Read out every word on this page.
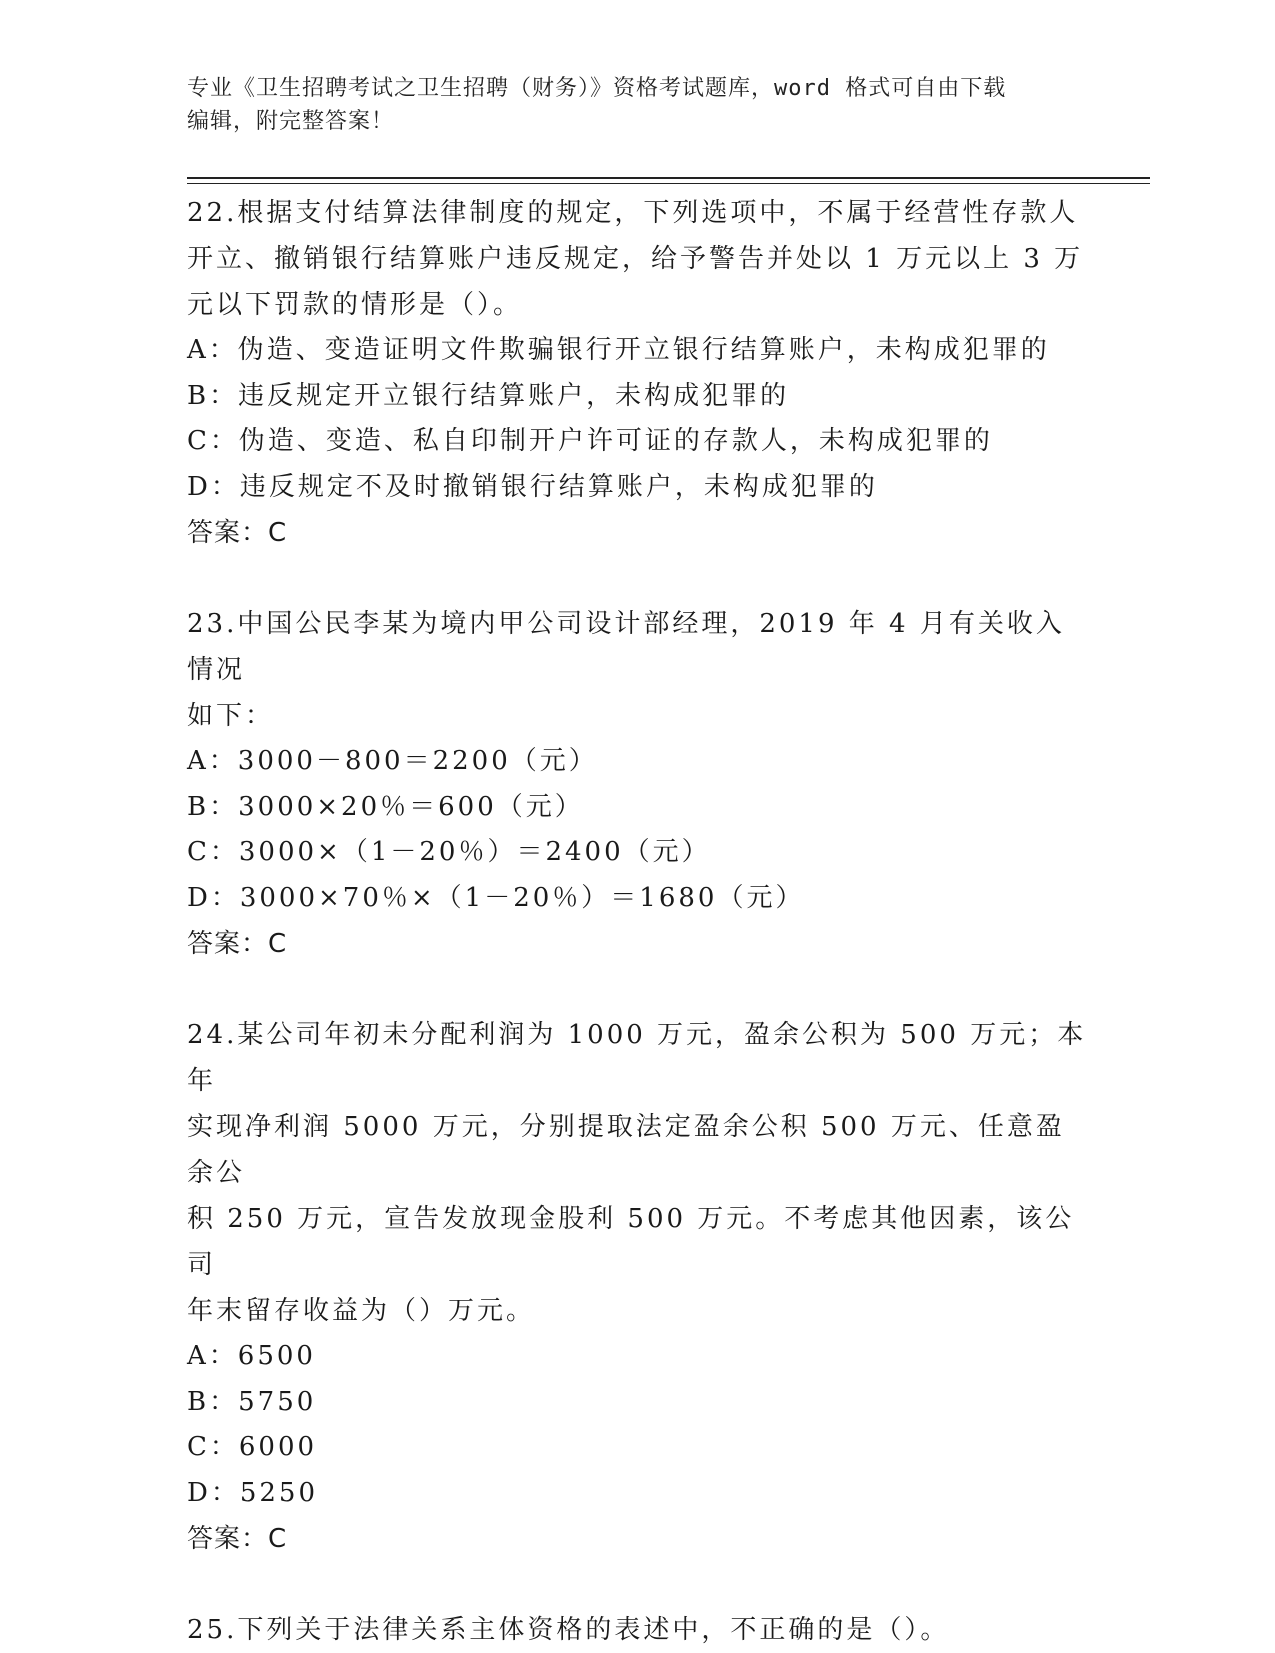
专业《卫生招聘考试之卫生招聘（财务）》资格考试题库，word 格式可自由下载
编辑，附完整答案！

22.根据支付结算法律制度的规定，下列选项中，不属于经营性存款人

开立、撤销银行结算账户违反规定，给予警告并处以 1 万元以上 3 万

元以下罚款的情形是（）。

A：伪造、变造证明文件欺骗银行开立银行结算账户，未构成犯罪的

B：违反规定开立银行结算账户，未构成犯罪的

C：伪造、变造、私自印制开户许可证的存款人，未构成犯罪的

D：违反规定不及时撤销银行结算账户，未构成犯罪的

答案：C

23.中国公民李某为境内甲公司设计部经理，2019 年 4 月有关收入情况

如下：

A：3000－800＝2200（元）

B：3000×20％＝600（元）

C：3000×（1－20％）＝2400（元）

D：3000×70％×（1－20％）＝1680（元）

答案：C

24.某公司年初未分配利润为 1000 万元，盈余公积为 500 万元；本年

实现净利润 5000 万元，分别提取法定盈余公积 500 万元、任意盈余公

积 250 万元，宣告发放现金股利 500 万元。不考虑其他因素，该公司

年末留存收益为（）万元。

A：6500

B：5750

C：6000

D：5250

答案：C

25.下列关于法律关系主体资格的表述中，不正确的是（）。
